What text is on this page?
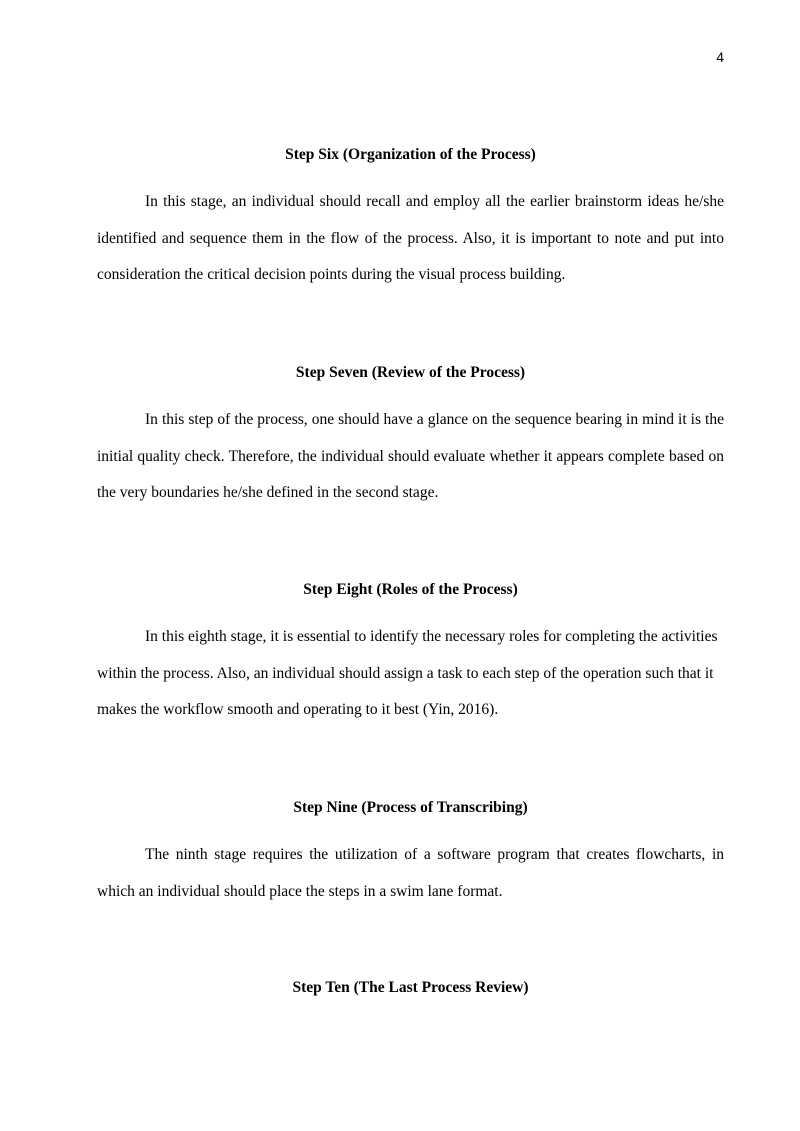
4
Step Six (Organization of the Process)

In this stage, an individual should recall and employ all the earlier brainstorm ideas he/she identified and sequence them in the flow of the process. Also, it is important to note and put into consideration the critical decision points during the visual process building.

Step Seven (Review of the Process)

In this step of the process, one should have a glance on the sequence bearing in mind it is the initial quality check. Therefore, the individual should evaluate whether it appears complete based on the very boundaries he/she defined in the second stage.

Step Eight (Roles of the Process)

In this eighth stage, it is essential to identify the necessary roles for completing the activities within the process. Also, an individual should assign a task to each step of the operation such that it makes the workflow smooth and operating to it best (Yin, 2016).

Step Nine (Process of Transcribing)

The ninth stage requires the utilization of a software program that creates flowcharts, in which an individual should place the steps in a swim lane format.

Step Ten (The Last Process Review)
